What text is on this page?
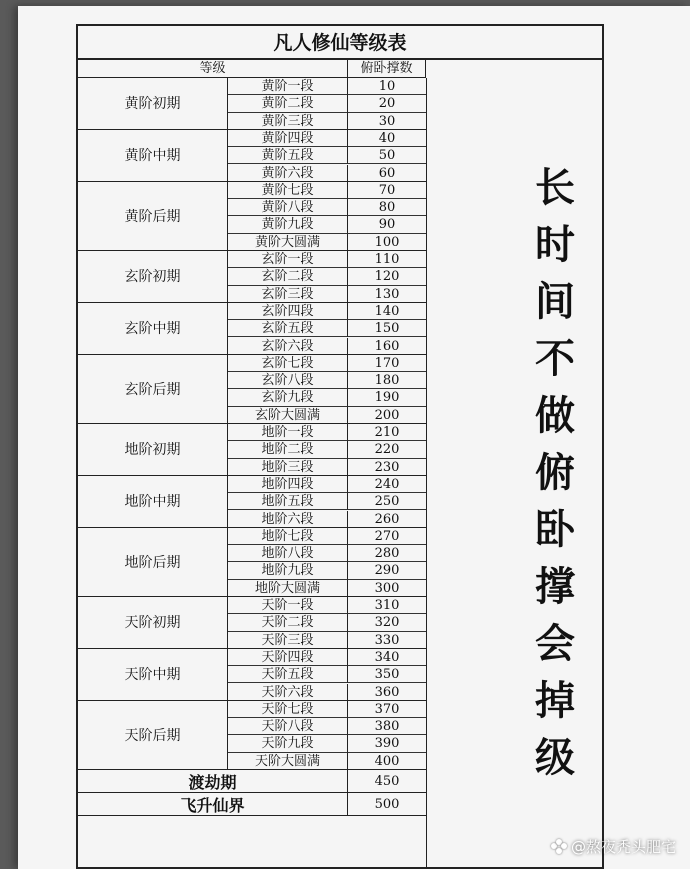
凡人修仙等级表
等级	俯卧撑数
黄阶初期
黄阶一段	10
黄阶二段	20
黄阶三段	30
黄阶中期
黄阶四段	40
黄阶五段	50
黄阶六段	60
黄阶后期
黄阶七段	70
黄阶八段	80
黄阶九段	90
黄阶大圆满	100
玄阶初期
玄阶一段	110
玄阶二段	120
玄阶三段	130
玄阶中期
玄阶四段	140
玄阶五段	150
玄阶六段	160
玄阶后期
玄阶七段	170
玄阶八段	180
玄阶九段	190
玄阶大圆满	200
地阶初期
地阶一段	210
地阶二段	220
地阶三段	230
地阶中期
地阶四段	240
地阶五段	250
地阶六段	260
地阶后期
地阶七段	270
地阶八段	280
地阶九段	290
地阶大圆满	300
天阶初期
天阶一段	310
天阶二段	320
天阶三段	330
天阶中期
天阶四段	340
天阶五段	350
天阶六段	360
天阶后期
天阶七段	370
天阶八段	380
天阶九段	390
天阶大圆满	400
渡劫期	450
飞升仙界	500
长时间不做俯卧撑会掉级
@熬夜秃头肥宅
